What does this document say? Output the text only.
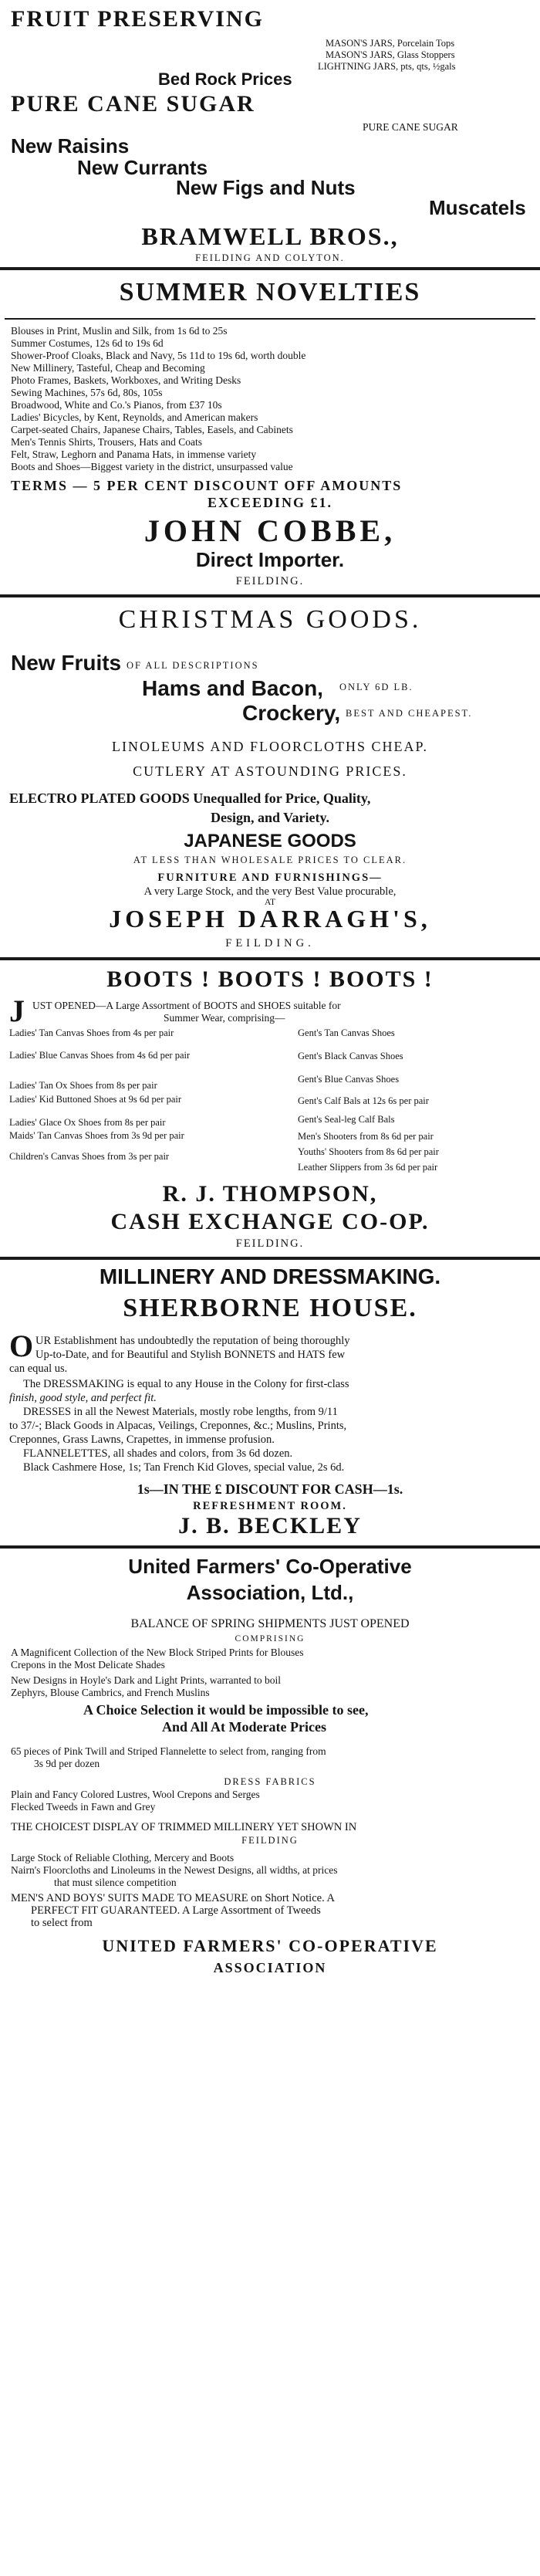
FRUIT PRESERVING
MASON'S JARS, Porcelain Tops
MASON'S JARS, Glass Stoppers
LIGHTNING JARS, pts, qts, ½gals
Bed Rock Prices
PURE CANE SUGAR
PURE CANE SUGAR
New Raisins
New Currants
New Figs and Nuts
Muscatels
BRAMWELL BROS.,
FEILDING AND COLYTON.
SUMMER NOVELTIES
Blouses in Print, Muslin and Silk, from 1s 6d to 25s
Summer Costumes, 12s 6d to 19s 6d
Shower-Proof Cloaks, Black and Navy, 5s 11d to 19s 6d, worth double
New Millinery, Tasteful, Cheap and Becoming
Photo Frames, Baskets, Workboxes, and Writing Desks
Sewing Machines, 57s 6d, 80s, 105s
Broadwood, White and Co.'s Pianos, from £37 10s
Ladies' Bicycles, by Kent, Reynolds, and American makers
Carpet-seated Chairs, Japanese Chairs, Tables, Easels, and Cabinets
Men's Tennis Shirts, Trousers, Hats and Coats
Felt, Straw, Leghorn and Panama Hats, in immense variety
Boots and Shoes—Biggest variety in the district, unsurpassed value
TERMS — 5 PER CENT DISCOUNT OFF AMOUNTS
EXCEEDING £1.
JOHN COBBE,
Direct Importer.
FEILDING.
CHRISTMAS GOODS.
New Fruits OF ALL DESCRIPTIONS
Hams and Bacon, ONLY 6D LB.
Crockery, BEST AND CHEAPEST.
LINOLEUMS AND FLOORCLOTHS CHEAP.
CUTLERY AT ASTOUNDING PRICES.
ELECTRO PLATED GOODS Unequalled for Price, Quality,
Design, and Variety.
JAPANESE GOODS
AT LESS THAN WHOLESALE PRICES TO CLEAR.
FURNITURE AND FURNISHINGS—
A very Large Stock, and the very Best Value procurable,
AT
JOSEPH DARRAGH'S,
FEILDING.
BOOTS ! BOOTS ! BOOTS !
J UST OPENED—A Large Assortment of BOOTS and SHOES suitable for
Summer Wear, comprising—
Ladies' Tan Canvas Shoes from 4s per pair
Ladies' Blue Canvas Shoes from 4s 6d per pair
Ladies' Tan Ox Shoes from 8s per pair
Ladies' Kid Buttoned Shoes at 9s 6d per pair
Ladies' Glace Ox Shoes from 8s per pair
Maids' Tan Canvas Shoes from 3s 9d per pair
Children's Canvas Shoes from 3s per pair
Gent's Tan Canvas Shoes
Gent's Black Canvas Shoes
Gent's Blue Canvas Shoes
Gent's Calf Bals at 12s 6s per pair
Gent's Seal-leg Calf Bals
Men's Shooters from 8s 6d per pair
Youths' Shooters from 8s 6d per pair
Leather Slippers from 3s 6d per pair
R. J. THOMPSON,
CASH EXCHANGE CO-OP.
FEILDING.
MILLINERY AND DRESSMAKING.
SHERBORNE HOUSE.
O UR Establishment has undoubtedly the reputation of being thoroughly
Up-to-Date, and for Beautiful and Stylish BONNETS and HATS few
can equal us.
The DRESSMAKING is equal to any House in the Colony for first-class
finish, good style, and perfect fit.
DRESSES in all the Newest Materials, mostly robe lengths, from 9/11
to 37/-; Black Goods in Alpacas, Veilings, Creponnes, &c.; Muslins, Prints,
Creponnes, Grass Lawns, Crapettes, in immense profusion.
FLANNELETTES, all shades and colors, from 3s 6d dozen.
Black Cashmere Hose, 1s; Tan French Kid Gloves, special value, 2s 6d.
1s—IN THE £ DISCOUNT FOR CASH—1s.
REFRESHMENT ROOM.
J. B. BECKLEY
United Farmers' Co-Operative
Association, Ltd.,
BALANCE OF SPRING SHIPMENTS JUST OPENED
COMPRISING
A Magnificent Collection of the New Block Striped Prints for Blouses
Crepons in the Most Delicate Shades
New Designs in Hoyle's Dark and Light Prints, warranted to boil
Zephyrs, Blouse Cambrics, and French Muslins
A Choice Selection it would be impossible to see,
And All At Moderate Prices
65 pieces of Pink Twill and Striped Flannelette to select from, ranging from
3s 9d per dozen
DRESS FABRICS
Plain and Fancy Colored Lustres, Wool Crepons and Serges
Flecked Tweeds in Fawn and Grey
THE CHOICEST DISPLAY OF TRIMMED MILLINERY YET SHOWN IN
FEILDING
Large Stock of Reliable Clothing, Mercery and Boots
Nairn's Floorcloths and Linoleums in the Newest Designs, all widths, at prices
that must silence competition
MEN'S AND BOYS' SUITS MADE TO MEASURE on Short Notice. A
PERFECT FIT GUARANTEED. A Large Assortment of Tweeds
to select from
UNITED FARMERS' CO-OPERATIVE
ASSOCIATION
